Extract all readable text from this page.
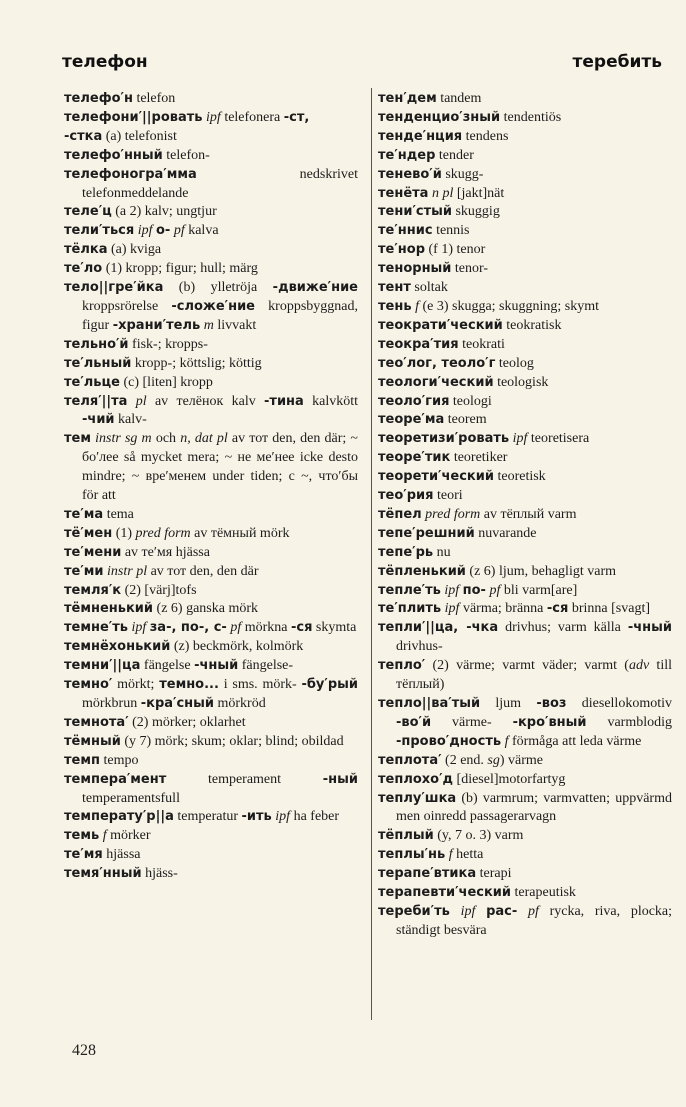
телефон	теребить
телефо′н telefon
телефони′||ровать ipf telefonera -ст,
-стка (a) telefonist
телефо′нный telefon-
телефоногра′мма nedskrivet telefonmeddelande
теле′ц (a 2) kalv; ungtjur
тели′ться ipf о- pf kalva
тёлка (a) kviga
те′ло (1) kropp; figur; hull; märg
тело||гре′йка (b) ylletröja -движе′ние kroppsrörelse -сложе′ние kroppsbyggnad, figur -храни′тель m livvakt
тельно′й fisk-; kropps-
те′льный kropp-; köttslig; köttig
те′льце (c) [liten] kropp
теля′||та pl av телёнок kalv -тина kalvkött -чий kalv-
тем instr sg m och n, dat pl av тот den, den där; ~ бо′лее så mycket mera; ~ не ме′нее icke desto mindre; ~ вре′менем under tiden; с ~, что′бы för att
те′ма tema
тё′мен (1) pred form av тёмный mörk
те′мени av те′мя hjässa
те′ми instr pl av тот den, den där
темля′к (2) [värj]tofs
тёмненький (z 6) ganska mörk
темне′ть ipf за-, по-, с- pf mörkna -ся skymta
темнёхонький (z) beckmörk, kolmörk
темни′||ца fängelse -чный fängelse-
темно′ mörkt; темно... i sms. mörk- -бу′рый mörkbrun -кра′сный mörkröd
темнота′ (2) mörker; oklarhet
тёмный (y 7) mörk; skum; oklar; blind; obildad
темп tempo
темпера′мент temperament -ный temperamentsfull
температу′р||а temperatur -ить ipf ha feber
темь f mörker
те′мя hjässa
темя′нный hjäss-
тен′дем tandem
тенденцио′зный tendentiös
тенде′нция tendens
те′ндер tender
тенево′й skugg-
тенёта n pl [jakt]nät
тени′стый skuggig
те′ннис tennis
те′нор (f 1) tenor
теноpный tenor-
тент soltak
тень f (e 3) skugga; skuggning; skymt
теократи′ческий teokratisk
теокра′тия teokrati
тео′лог, теоло′г teolog
теологи′ческий teologisk
теоло′гия teologi
теоре′ма teorem
теоретизи′ровать ipf teoretisera
теоре′тик teoretiker
теорети′ческий teoretisk
тео′рия teori
тёпел pred form av тёплый varm
тепе′решний nuvarande
тепе′рь nu
тёпленький (z 6) ljum, behagligt varm
тепле′ть ipf по- pf bli varm[are]
те′плить ipf värma; bränna -ся brinna [svagt]
тепли′||ца, -чка drivhus; varm källa -чный drivhus-
тепло′ (2) värme; varmt väder; varmt (adv till тёплый)
тепло||ва′тый ljum -воз diesellokomotiv -во′й värme- -кро′вный varmblodig -прово′дность f förmåga att leda värme
теплота′ (2 end. sg) värme
теплохо′д [diesel]motorfartyg
теплу′шка (b) varmrum; varmvatten; uppvärmd men oinredd passagerarvagn
тёплый (y, 7 o. 3) varm
теплы′нь f hetta
терапе′втика terapi
терапевти′ческий terapeutisk
тереби′ть ipf рас- pf rycka, riva, plocka; ständigt besvära
428
